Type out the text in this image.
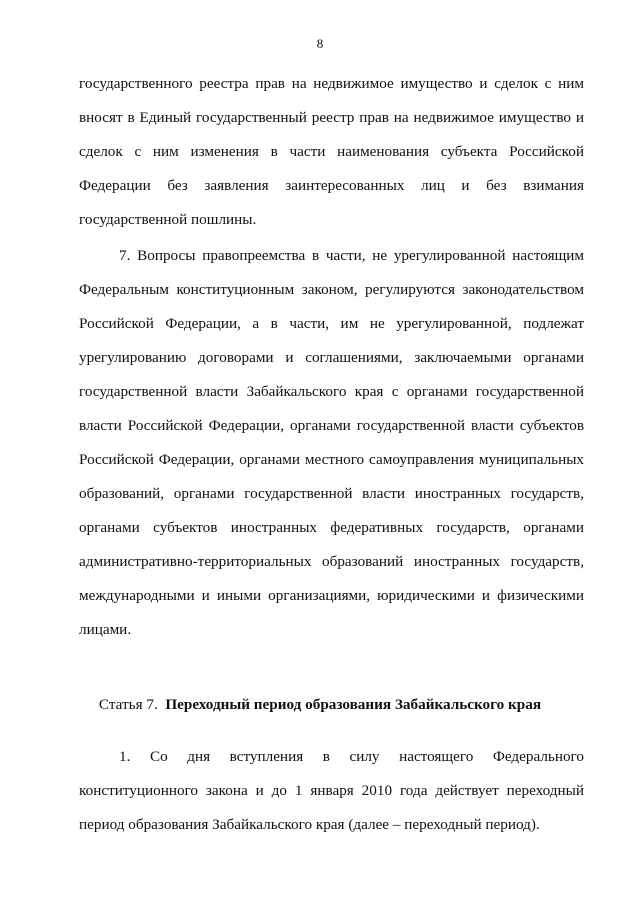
8
государственного реестра прав на недвижимое имущество и сделок с ним
вносят в Единый государственный реестр прав на недвижимое имущество и
сделок с ним изменения в части наименования субъекта Российской
Федерации без заявления заинтересованных лиц и без взимания
государственной пошлины.
7. Вопросы правопреемства в части, не урегулированной настоящим
Федеральным конституционным законом, регулируются законодательством
Российской Федерации, а в части, им не урегулированной, подлежат
урегулированию договорами и соглашениями, заключаемыми органами
государственной власти Забайкальского края с органами государственной
власти Российской Федерации, органами государственной власти субъектов
Российской Федерации, органами местного самоуправления муниципальных
образований, органами государственной власти иностранных государств,
органами субъектов иностранных федеративных государств, органами
административно-территориальных образований иностранных государств,
международными и иными организациями, юридическими и физическими
лицами.
Статья 7. Переходный период образования Забайкальского края
1. Со дня вступления в силу настоящего Федерального
конституционного закона и до 1 января 2010 года действует переходный
период образования Забайкальского края (далее – переходный период).
